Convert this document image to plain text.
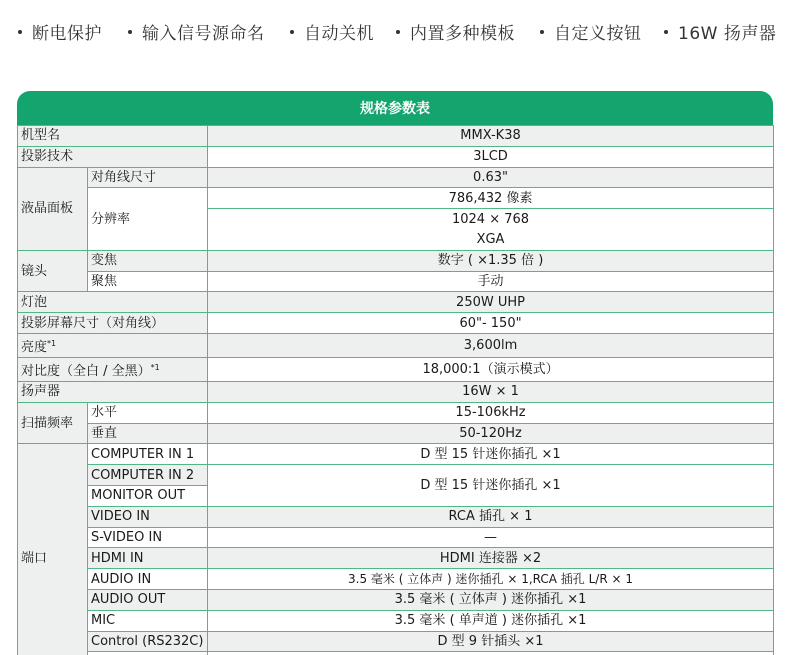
断电保护	输入信号源命名	自动关机	内置多种模板	自定义按钮	16W 扬声器
规格参数表
机型名		MMX-K38
投影技术		3LCD
液晶面板	对角线尺寸	0.63"
	分辨率	786,432 像素
		1024 × 768
		XGA
镜头	变焦	数字 ( ×1.35 倍 )
	聚焦	手动
灯泡		250W UHP
投影屏幕尺寸（对角线）		60"- 150"
亮度$^{*1}$		3,600lm
对比度（全白 / 全黑）$^{*1}$		18,000:1（演示模式）
扬声器		16W × 1
扫描频率	水平	15-106kHz
	垂直	50-120Hz
端口	COMPUTER IN 1	D 型 15 针迷你插孔 ×1
	COMPUTER IN 2	D 型 15 针迷你插孔 ×1
	MONITOR OUT	
	VIDEO IN	RCA 插孔 × 1
	S-VIDEO IN	—
	HDMI IN	HDMI 连接器 ×2
	AUDIO IN	3.5 毫米 ( 立体声 ) 迷你插孔 × 1,RCA 插孔 L/R × 1
	AUDIO OUT	3.5 毫米 ( 立体声 ) 迷你插孔 ×1
	MIC	3.5 毫米 ( 单声道 ) 迷你插孔 ×1
	Control (RS232C)	D 型 9 针插头 ×1
